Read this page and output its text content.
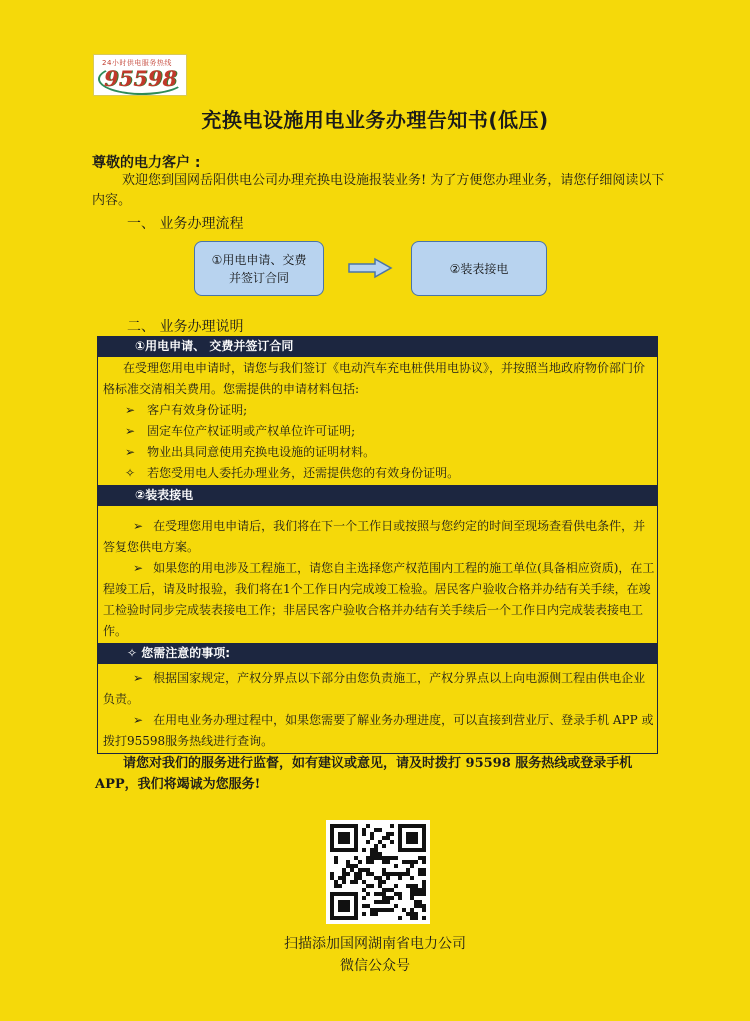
24小时供电服务热线
95598
充换电设施用电业务办理告知书(低压)
尊敬的电力客户 :
欢迎您到国网岳阳供电公司办理充换电设施报装业务! 为了方便您办理业务，请您仔细阅读以下内容。
一、 业务办理流程
①用电申请、交费
并签订合同
②装表接电
二、 业务办理说明
①用电申请、 交费并签订合同
在受理您用电申请时，请您与我们签订《电动汽车充电桩供用电协议》，并按照当地政府物价部门价格标准交清相关费用。您需提供的申请材料包括:
➢ 客户有效身份证明;
➢ 固定车位产权证明或产权单位许可证明;
➢ 物业出具同意使用充换电设施的证明材料。
✧ 若您受用电人委托办理业务，还需提供您的有效身份证明。
②装表接电
➢ 在受理您用电申请后，我们将在下一个工作日或按照与您约定的时间至现场查看供电条件，并答复您供电方案。
➢ 如果您的用电涉及工程施工，请您自主选择您产权范围内工程的施工单位(具备相应资质)，在工程竣工后，请及时报验，我们将在1个工作日内完成竣工检验。居民客户验收合格并办结有关手续，在竣工检验时同步完成装表接电工作；非居民客户验收合格并办结有关手续后一个工作日内完成装表接电工作。
✧ 您需注意的事项:
➢ 根据国家规定，产权分界点以下部分由您负责施工，产权分界点以上向电源侧工程由供电企业负责。
➢ 在用电业务办理过程中，如果您需要了解业务办理进度，可以直接到营业厅、登录手机 APP 或拨打95598服务热线进行查询。
请您对我们的服务进行监督，如有建议或意见，请及时拨打 95598 服务热线或登录手机 APP，我们将竭诚为您服务!
扫描添加国网湖南省电力公司
微信公众号
